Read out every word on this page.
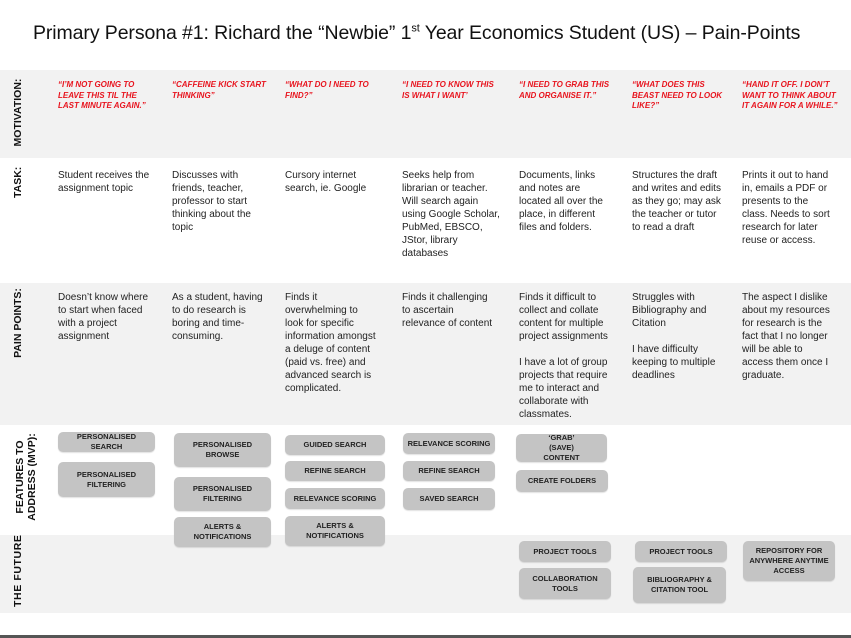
Primary Persona #1: Richard the “Newbie” 1st Year Economics Student (US) – Pain-Points
MOTIVATION:
TASK:
PAIN POINTS:
FEATURES TO
ADDRESS (MVP):
THE FUTURE
“I’M NOT GOING TO LEAVE THIS TIL THE LAST MINUTE AGAIN.”
“CAFFEINE KICK START THINKING”
“WHAT DO I NEED TO FIND?”
“I NEED TO KNOW THIS IS WHAT I WANT’
“I NEED TO GRAB THIS AND ORGANISE IT.”
“WHAT DOES THIS BEAST NEED TO LOOK LIKE?”
“HAND IT OFF. I DON’T WANT TO THINK ABOUT IT AGAIN FOR A WHILE.”
Student receives the assignment topic
Discusses with friends, teacher, professor to start thinking about the topic
Cursory internet search, ie. Google
Seeks help from librarian or teacher. Will search again using Google Scholar, PubMed, EBSCO, JStor, library databases
Documents, links and notes are located all over the place, in different files and folders.
Structures the draft and writes and edits as they go; may ask the teacher or tutor to read a draft
Prints it out to hand in, emails a PDF or presents to the class. Needs to sort research for later reuse or access.

Doesn’t know where to start when faced with a project assignment

As a student, having to do research is boring and time-consuming.

Finds it overwhelming to look for specific information amongst a deluge of content (paid vs. free) and advanced search is complicated.

Finds it challenging to ascertain relevance of content

Finds it difficult to collect and collate content for multiple project assignments

I have a lot of group projects that require me to interact and collaborate with classmates.

Struggles with Bibliography and Citation

I have difficulty keeping to multiple deadlines

The aspect I dislike about my resources for research is the fact that I no longer will be able to access them once I graduate.

PERSONALISED SEARCH
PERSONALISED FILTERING
PERSONALISED BROWSE
PERSONALISED FILTERING
ALERTS & NOTIFICATIONS
GUIDED SEARCH
REFINE SEARCH
RELEVANCE SCORING
ALERTS & NOTIFICATIONS
RELEVANCE SCORING
REFINE SEARCH
SAVED SEARCH
‘GRAB’ (SAVE) CONTENT
CREATE FOLDERS
PROJECT TOOLS
COLLABORATION TOOLS
PROJECT TOOLS
BIBLIOGRAPHY & CITATION TOOL
REPOSITORY FOR ANYWHERE ANYTIME ACCESS
